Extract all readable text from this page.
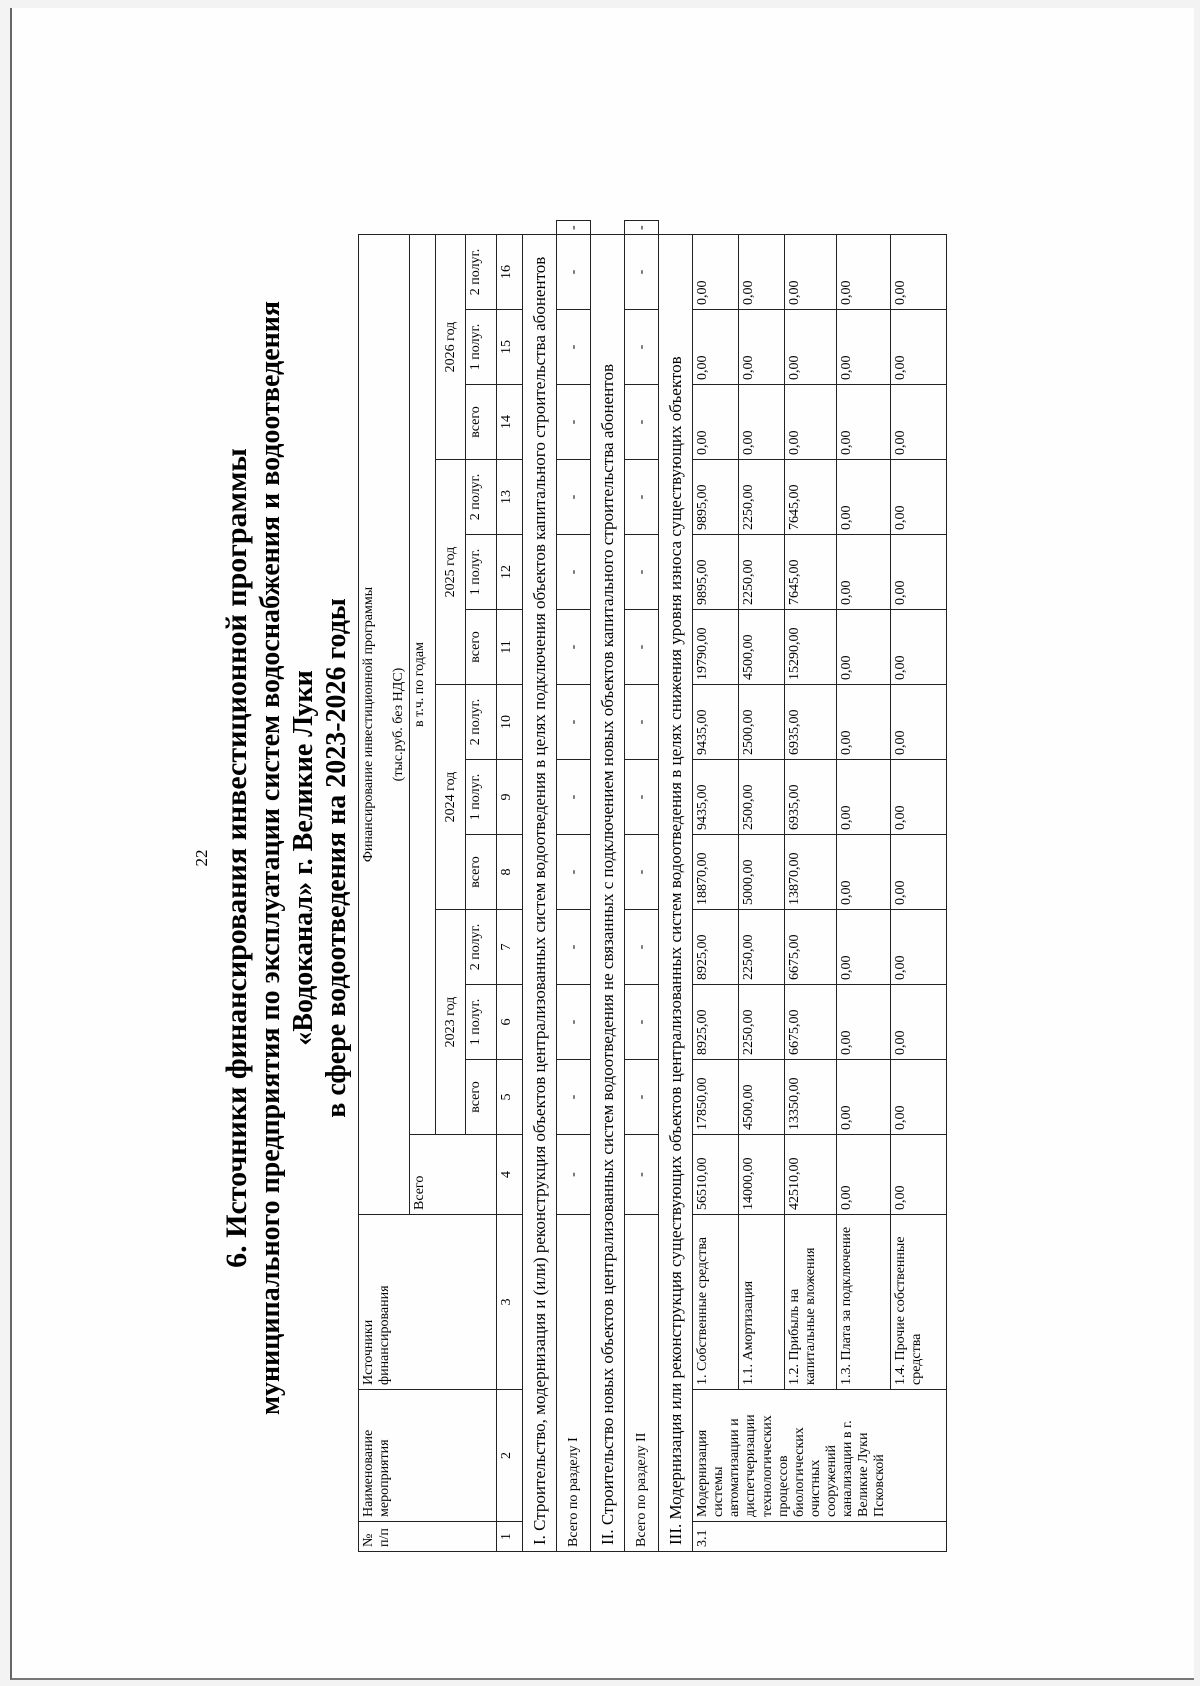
22 6. Источники финансирования инвестиционной программы муниципального предприятия по эксплуатации систем водоснабжения и водоотведения «Водоканал» г. Великие Луки в сфере водоотведения на 2023-2026 годы
№ п/п	Наименование мероприятия	Источники финансирования	Финансирование инвестиционной программы (тыс.руб. без НДС)													

			Всего	в т.ч. по годам												
				2023 год			2024 год			2025 год			2026 год			
				всего	1 полуг.	2 полуг.	всего	1 полуг.	2 полуг.	всего	1 полуг.	2 полуг.	всего	1 полуг.	2 полуг.	
1	2	3	4	5	6	7	8	9	10	11	12	13	14	15	16	
I. Строительство, модернизация и (или) реконструкция объектов централизованных систем водоотведения в целях подключения объектов капитального строительства абонентов																
Всего по разделу I			-	-	-	-	-	-	-	-	-	-	-	-	-	-
II. Строительство новых объектов централизованных систем водоотведения не связанных с подключением новых объектов капитального строительства абонентов																
Всего по разделу II			-	-	-	-	-	-	-	-	-	-	-	-	-	-
III. Модернизация или реконструкция существующих объектов централизованных систем водоотведения в целях снижения уровня износа существующих объектов																
3.1	Модернизация системы автоматизации и диспетчеризации технологических процессов биологических очистных сооружений канализации в г. Великие Луки Псковской	1. Собственные средства	56510,00	17850,00	8925,00	8925,00	18870,00	9435,00	9435,00	19790,00	9895,00	9895,00	0,00	0,00	0,00	
		1.1. Амортизация	14000,00	4500,00	2250,00	2250,00	5000,00	2500,00	2500,00	4500,00	2250,00	2250,00	0,00	0,00	0,00	
		1.2. Прибыль на капитальные вложения	42510,00	13350,00	6675,00	6675,00	13870,00	6935,00	6935,00	15290,00	7645,00	7645,00	0,00	0,00	0,00	
		1.3. Плата за подключение	0,00	0,00	0,00	0,00	0,00	0,00	0,00	0,00	0,00	0,00	0,00	0,00	0,00	
		1.4. Прочие собственные средства	0,00	0,00	0,00	0,00	0,00	0,00	0,00	0,00	0,00	0,00	0,00	0,00	0,00	
